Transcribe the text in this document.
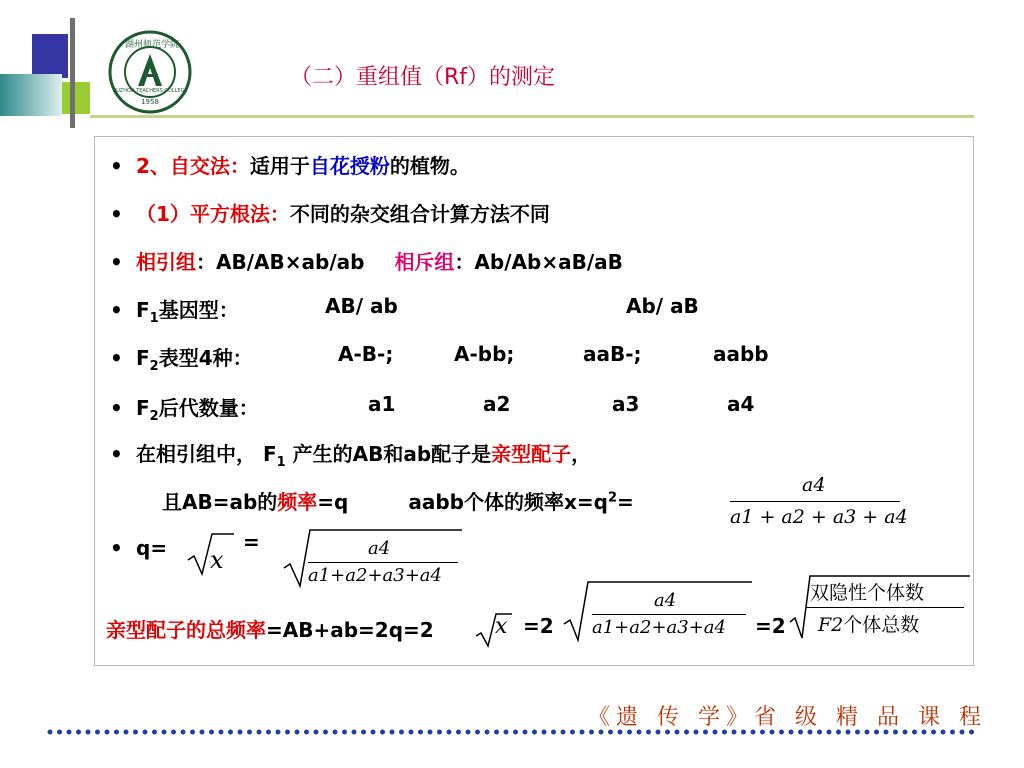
湖州师范学院
1958
HUZHOU TEACHERS COLLEGE
（二）重组值（Rf）的测定
• 2、自交法：适用于自花授粉的植物。
• （1）平方根法：不同的杂交组合计算方法不同
• 相引组：AB/AB×ab/ab 相斥组：Ab/Ab×aB/aB
• $F_1$基因型：	AB/ ab	Ab/ aB
• $F_2$表型4种：	A-B-;	A-bb;	aaB-;	aabb
• $F_2$后代数量：	a1	a2	a3	a4
• 在相引组中， $F_1$ 产生的AB和ab配子是亲型配子，
且AB=ab的频率=q	aabb个体的频率$x=q^2=$
a4
a1 + a2 + a3 + a4
• q= x
=	a4
a1+a2+a3+a4
亲型配子的总频率=AB+ab=2q=2	x =2
a4
a1+a2+a3+a4 =2
双隐性个体数
F2个体总数
《遗 传 学》省 级 精 品 课 程
